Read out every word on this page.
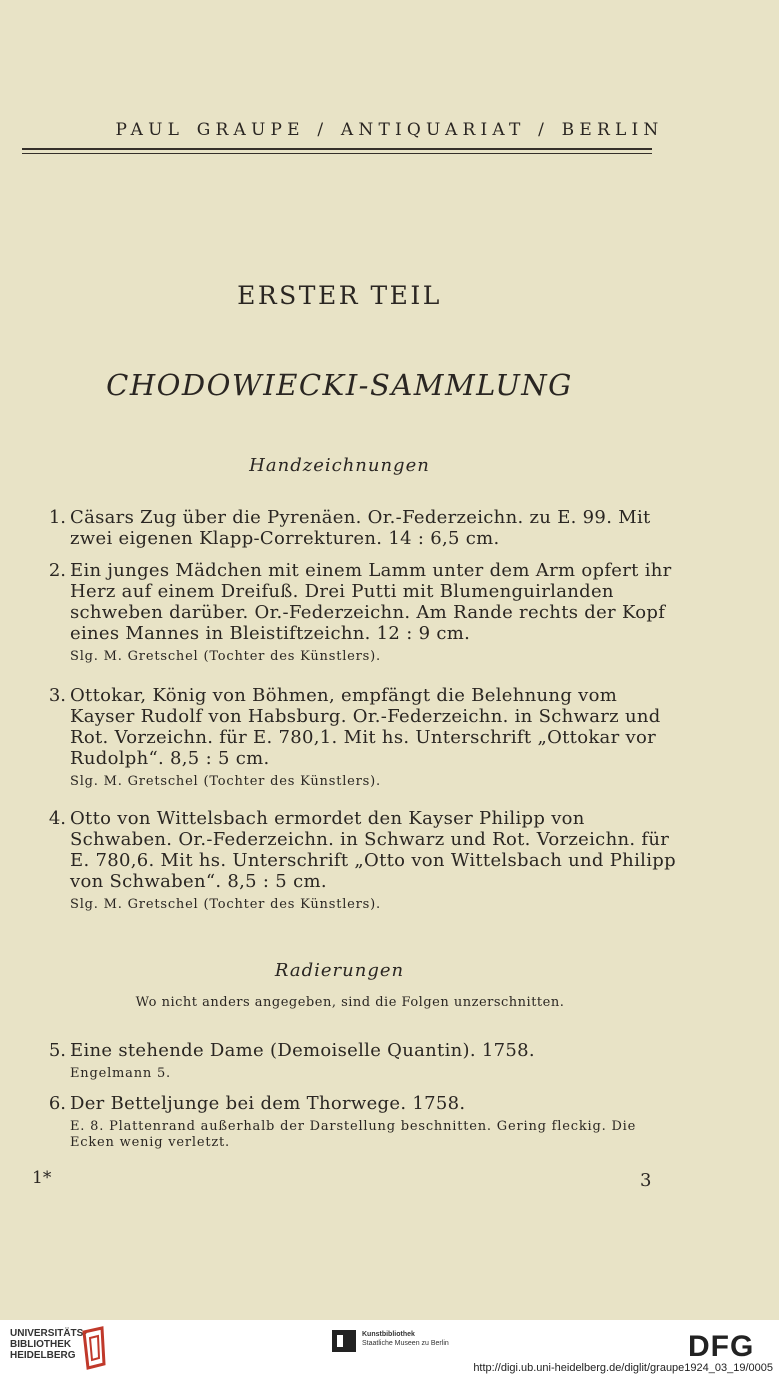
PAUL GRAUPE / ANTIQUARIAT / BERLIN
ERSTER TEIL
CHODOWIECKI-SAMMLUNG
Handzeichnungen
1. Cäsars Zug über die Pyrenäen. Or.-Federzeichn. zu E. 99. Mit zwei eigenen Klapp-Correkturen. 14 : 6,5 cm.
2. Ein junges Mädchen mit einem Lamm unter dem Arm opfert ihr Herz auf einem Dreifuß. Drei Putti mit Blumenguirlanden schweben darüber. Or.-Federzeichn. Am Rande rechts der Kopf eines Mannes in Bleistiftzeichn. 12 : 9 cm.
Slg. M. Gretschel (Tochter des Künstlers).
3. Ottokar, König von Böhmen, empfängt die Belehnung vom Kayser Rudolf von Habsburg. Or.-Federzeichn. in Schwarz und Rot. Vorzeichn. für E. 780,1. Mit hs. Unterschrift „Ottokar vor Rudolph“. 8,5 : 5 cm.
Slg. M. Gretschel (Tochter des Künstlers).
4. Otto von Wittelsbach ermordet den Kayser Philipp von Schwaben. Or.-Federzeichn. in Schwarz und Rot. Vorzeichn. für E. 780,6. Mit hs. Unterschrift „Otto von Wittelsbach und Philipp von Schwaben“. 8,5 : 5 cm.
Slg. M. Gretschel (Tochter des Künstlers).
Radierungen
Wo nicht anders angegeben, sind die Folgen unzerschnitten.
5. Eine stehende Dame (Demoiselle Quantin). 1758.
Engelmann 5.
6. Der Betteljunge bei dem Thorwege. 1758.
E. 8. Plattenrand außerhalb der Darstellung beschnitten. Gering fleckig. Die Ecken wenig verletzt.
1*	3
UNIVERSITÄTS-
BIBLIOTHEK
HEIDELBERG
Kunstbibliothek
Staatliche Museen zu Berlin	DFG
http://digi.ub.uni-heidelberg.de/diglit/graupe1924_03_19/0005
